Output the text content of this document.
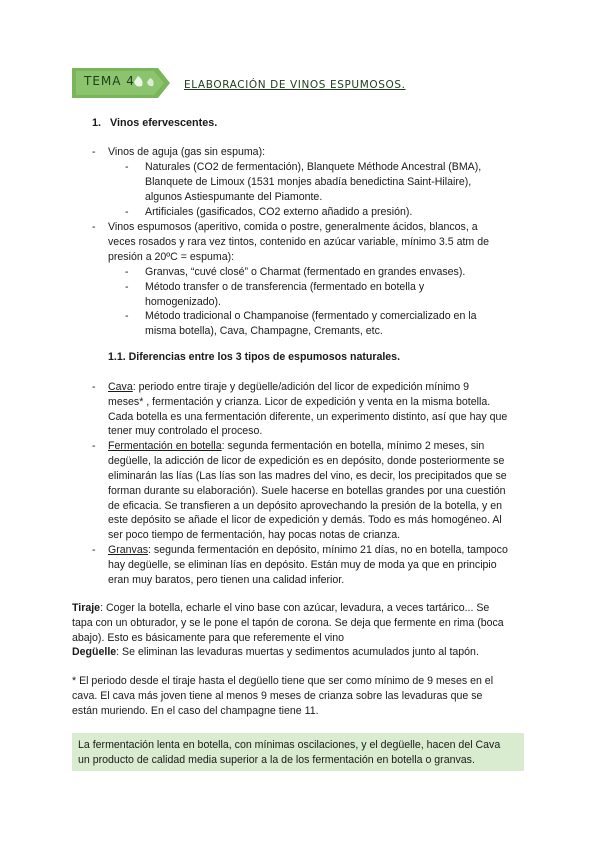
TEMA 4	ELABORACIÓN DE VINOS ESPUMOSOS.
1. Vinos efervescentes.
- Vinos de aguja (gas sin espuma):
- Naturales (CO2 de fermentación), Blanquete Méthode Ancestral (BMA),
Blanquete de Limoux (1531 monjes abadía benedictina Saint-Hilaire),
algunos Astiespumante del Piamonte.
- Artificiales (gasificados, CO2 externo añadido a presión).
- Vinos espumosos (aperitivo, comida o postre, generalmente ácidos, blancos, a
veces rosados y rara vez tintos, contenido en azúcar variable, mínimo 3.5 atm de
presión a 20ºC = espuma):
- Granvas, “cuvé closé” o Charmat (fermentado en grandes envases).
- Método transfer o de transferencia (fermentado en botella y
homogenizado).
- Método tradicional o Champanoise (fermentado y comercializado en la
misma botella), Cava, Champagne, Cremants, etc.
1.1. Diferencias entre los 3 tipos de espumosos naturales.
- Cava: periodo entre tiraje y degüelle/adición del licor de expedición mínimo 9
meses* , fermentación y crianza. Licor de expedición y venta en la misma botella.
Cada botella es una fermentación diferente, un experimento distinto, así que hay que
tener muy controlado el proceso.
- Fermentación en botella: segunda fermentación en botella, mínimo 2 meses, sin
degüelle, la adicción de licor de expedición es en depósito, donde posteriormente se
eliminarán las lías (Las lías son las madres del vino, es decir, los precipitados que se
forman durante su elaboración). Suele hacerse en botellas grandes por una cuestión
de eficacia. Se transfieren a un depósito aprovechando la presión de la botella, y en
este depósito se añade el licor de expedición y demás. Todo es más homogéneo. Al
ser poco tiempo de fermentación, hay pocas notas de crianza.
- Granvas: segunda fermentación en depósito, mínimo 21 días, no en botella, tampoco
hay degüelle, se eliminan lías en depósito. Están muy de moda ya que en principio
eran muy baratos, pero tienen una calidad inferior.
Tiraje: Coger la botella, echarle el vino base con azúcar, levadura, a veces tartárico... Se
tapa con un obturador, y se le pone el tapón de corona. Se deja que fermente en rima (boca
abajo). Esto es básicamente para que referemente el vino
Degüelle: Se eliminan las levaduras muertas y sedimentos acumulados junto al tapón.
* El periodo desde el tiraje hasta el degüello tiene que ser como mínimo de 9 meses en el
cava. El cava más joven tiene al menos 9 meses de crianza sobre las levaduras que se
están muriendo. En el caso del champagne tiene 11.
La fermentación lenta en botella, con mínimas oscilaciones, y el degüelle, hacen del Cava
un producto de calidad media superior a la de los fermentación en botella o granvas.
